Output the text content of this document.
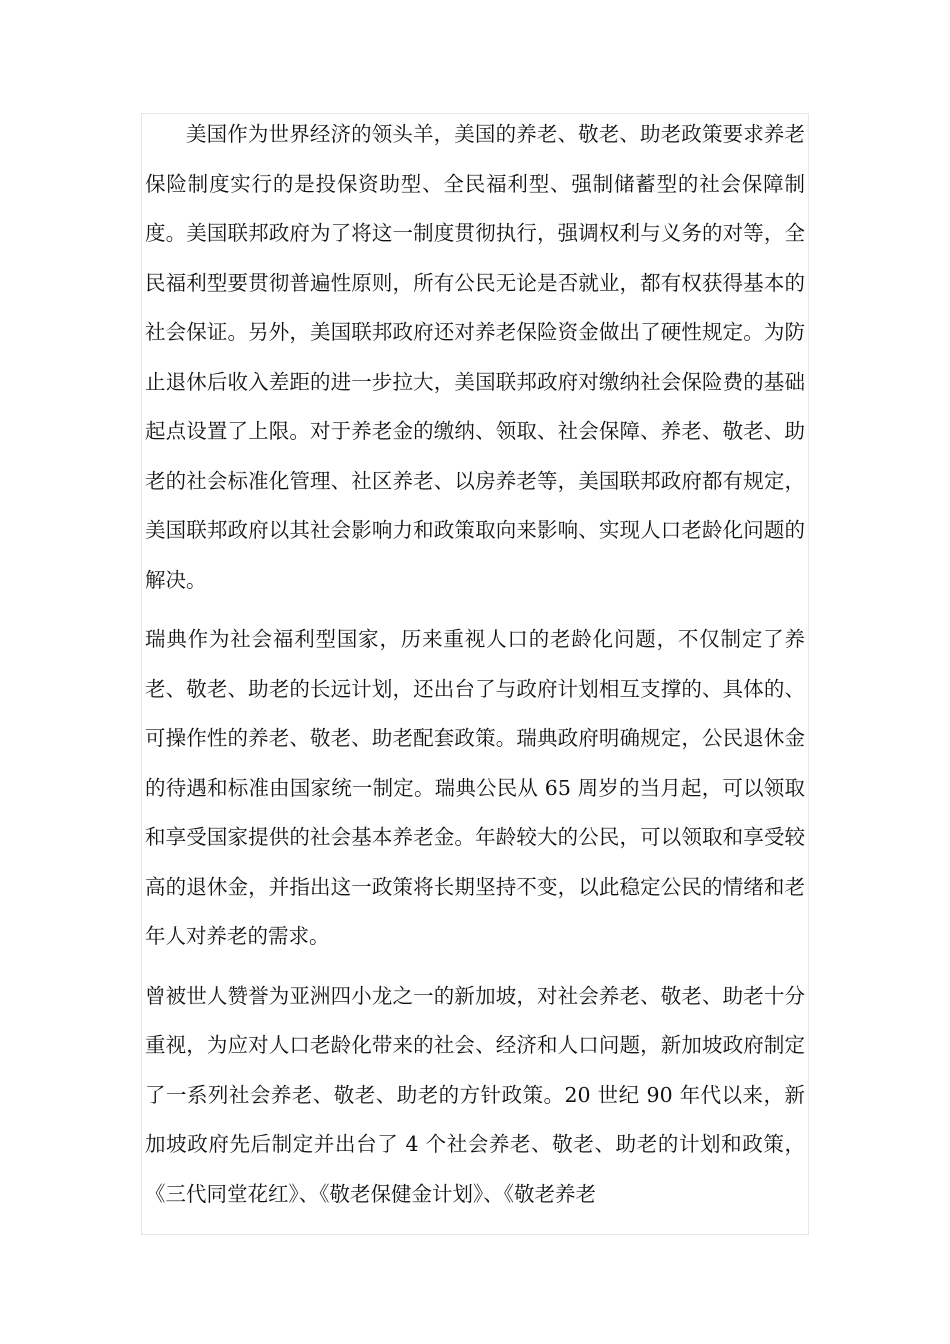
美国作为世界经济的领头羊，美国的养老、敬老、助老政策要求养老保险制度实行的是投保资助型、全民福利型、强制储蓄型的社会保障制度。美国联邦政府为了将这一制度贯彻执行，强调权利与义务的对等，全民福利型要贯彻普遍性原则，所有公民无论是否就业，都有权获得基本的社会保证。另外，美国联邦政府还对养老保险资金做出了硬性规定。为防止退休后收入差距的进一步拉大，美国联邦政府对缴纳社会保险费的基础起点设置了上限。对于养老金的缴纳、领取、社会保障、养老、敬老、助老的社会标准化管理、社区养老、以房养老等，美国联邦政府都有规定，美国联邦政府以其社会影响力和政策取向来影响、实现人口老龄化问题的解决。

瑞典作为社会福利型国家，历来重视人口的老龄化问题，不仅制定了养老、敬老、助老的长远计划，还出台了与政府计划相互支撑的、具体的、可操作性的养老、敬老、助老配套政策。瑞典政府明确规定，公民退休金的待遇和标准由国家统一制定。瑞典公民从 65 周岁的当月起，可以领取和享受国家提供的社会基本养老金。年龄较大的公民，可以领取和享受较高的退休金，并指出这一政策将长期坚持不变，以此稳定公民的情绪和老年人对养老的需求。

曾被世人赞誉为亚洲四小龙之一的新加坡，对社会养老、敬老、助老十分重视，为应对人口老龄化带来的社会、经济和人口问题，新加坡政府制定了一系列社会养老、敬老、助老的方针政策。20 世纪 90 年代以来，新加坡政府先后制定并出台了 4 个社会养老、敬老、助老的计划和政策，《三代同堂花红》、《敬老保健金计划》、《敬老养老
